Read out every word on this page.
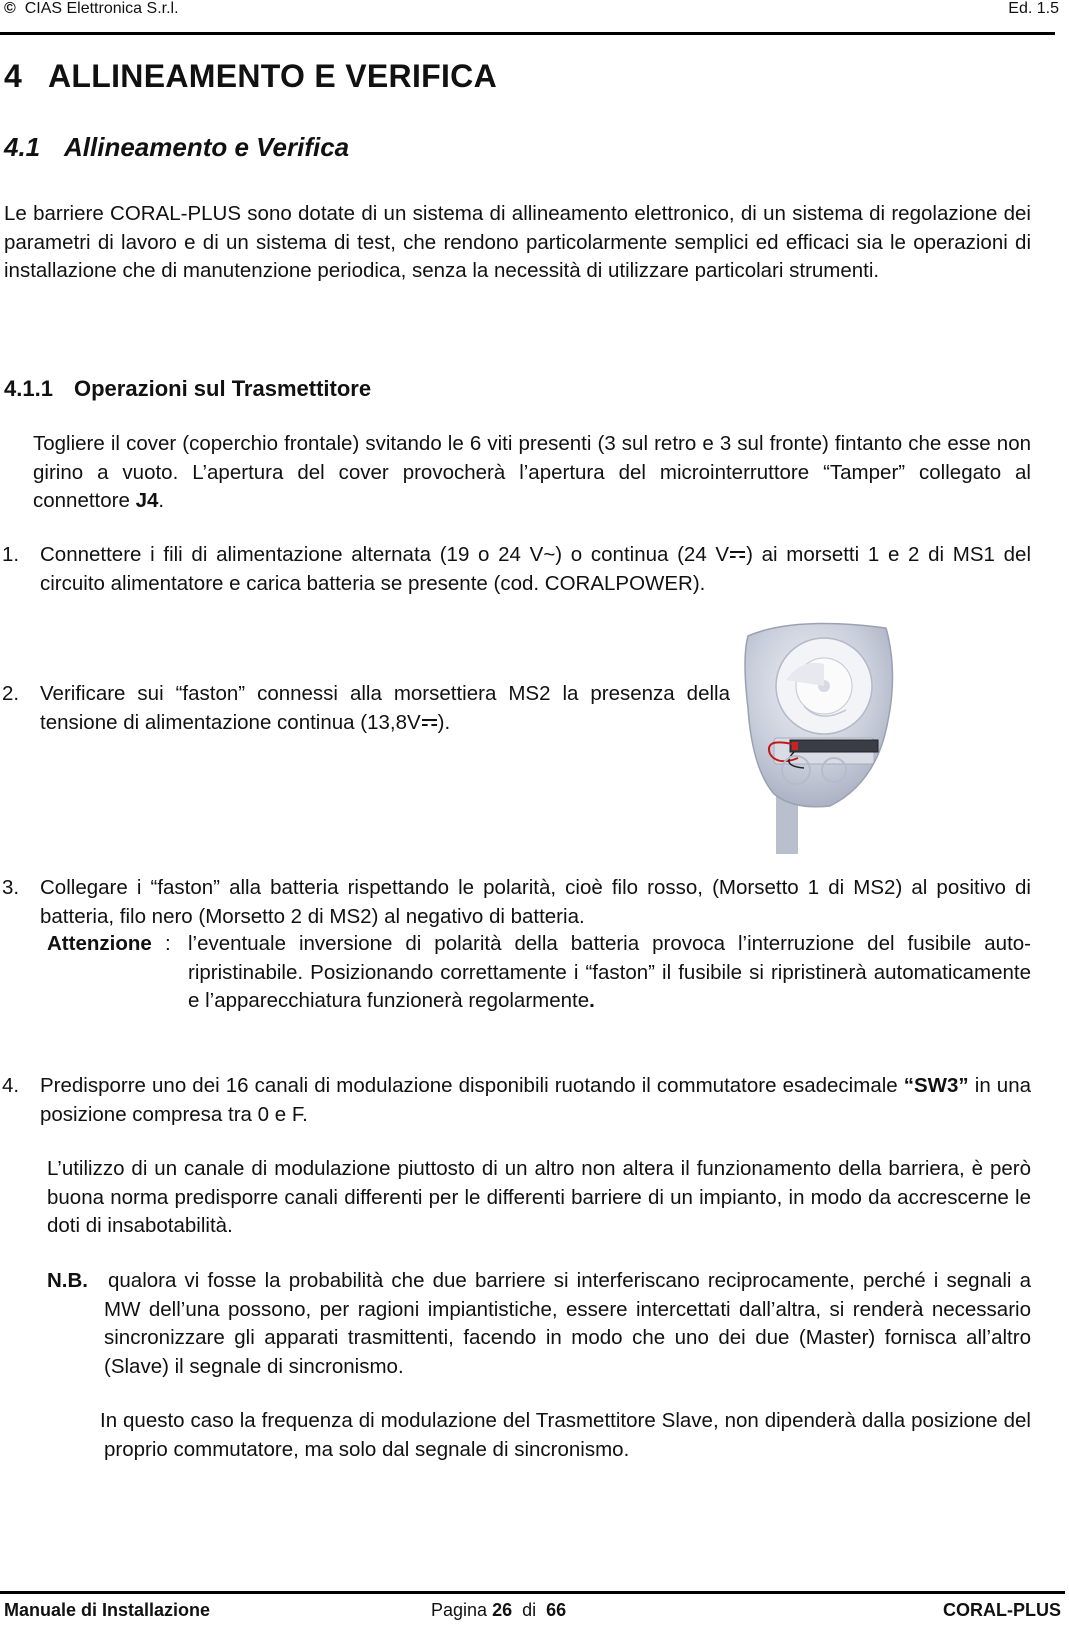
© CIAS Elettronica S.r.l.	Ed. 1.5
4 ALLINEAMENTO E VERIFICA
4.1 Allineamento e Verifica
Le barriere CORAL-PLUS sono dotate di un sistema di allineamento elettronico, di un sistema di regolazione dei parametri di lavoro e di un sistema di test, che rendono particolarmente semplici ed efficaci sia le operazioni di installazione che di manutenzione periodica, senza la necessità di utilizzare particolari strumenti.
4.1.1 Operazioni sul Trasmettitore
Togliere il cover (coperchio frontale) svitando le 6 viti presenti (3 sul retro e 3 sul fronte) fintanto che esse non girino a vuoto. L’apertura del cover provocherà l’apertura del microinterruttore “Tamper” collegato al connettore J4.
1. Connettere i fili di alimentazione alternata (19 o 24 V~) o continua (24 V ) ai morsetti 1 e 2 di MS1 del circuito alimentatore e carica batteria se presente (cod. CORALPOWER).
2. Verificare sui “faston” connessi alla morsettiera MS2 la presenza della tensione di alimentazione continua (13,8V ).
3. Collegare i “faston” alla batteria rispettando le polarità, cioè filo rosso, (Morsetto 1 di MS2) al positivo di batteria, filo nero (Morsetto 2 di MS2) al negativo di batteria.
Attenzione : l’eventuale inversione di polarità della batteria provoca l’interruzione del fusibile auto-ripristinabile. Posizionando correttamente i “faston” il fusibile si ripristinerà automaticamente e l’apparecchiatura funzionerà regolarmente.
4. Predisporre uno dei 16 canali di modulazione disponibili ruotando il commutatore esadecimale “SW3” in una posizione compresa tra 0 e F.
L’utilizzo di un canale di modulazione piuttosto di un altro non altera il funzionamento della barriera, è però buona norma predisporre canali differenti per le differenti barriere di un impianto, in modo da accrescerne le doti di insabotabilità.
N.B. qualora vi fosse la probabilità che due barriere si interferiscano reciprocamente, perché i segnali a MW dell’una possono, per ragioni impiantistiche, essere intercettati dall’altra, si renderà necessario sincronizzare gli apparati trasmittenti, facendo in modo che uno dei due (Master) fornisca all’altro (Slave) il segnale di sincronismo.
In questo caso la frequenza di modulazione del Trasmettitore Slave, non dipenderà dalla posizione del proprio commutatore, ma solo dal segnale di sincronismo.
Manuale di Installazione	Pagina 26 di 66	CORAL-PLUS
